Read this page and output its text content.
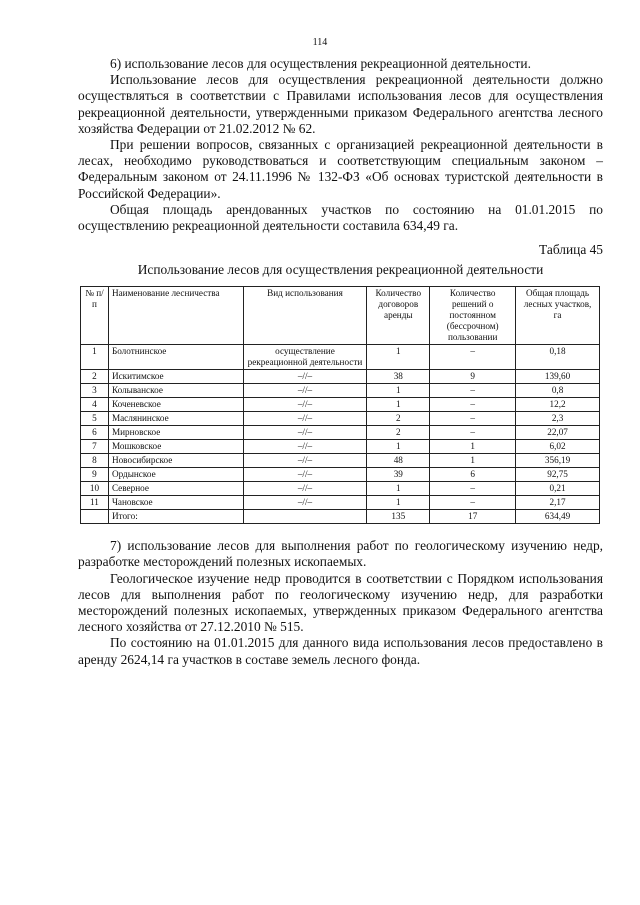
114

6) использование лесов для осуществления рекреационной деятельности.

Использование лесов для осуществления рекреационной деятельности должно осуществляться в соответствии с Правилами использования лесов для осуществления рекреационной деятельности, утвержденными приказом Федерального агентства лесного хозяйства Федерации от 21.02.2012 № 62.

При решении вопросов, связанных с организацией рекреационной деятельности в лесах, необходимо руководствоваться и соответствующим специальным законом – Федеральным законом от 24.11.1996 № 132-ФЗ «Об основах туристской деятельности в Российской Федерации».

Общая площадь арендованных участков по состоянию на 01.01.2015 по осуществлению рекреационной деятельности составила 634,49 га.

Таблица 45
Использование лесов для осуществления рекреационной деятельности
№ п/п	Наименование лесничества	Вид использования	Количество договоров аренды	Количество решений о постоянном (бессрочном) пользовании	Общая площадь лесных участков, га
1	Болотнинское	осуществление рекреационной деятельности	1	–	0,18
2	Искитимское	–//–	38	9	139,60
3	Колыванское	–//–	1	–	0,8
4	Коченевское	–//–	1	–	12,2
5	Маслянинское	–//–	2	–	2,3
6	Мирновское	–//–	2	–	22,07
7	Мошковское	–//–	1	1	6,02
8	Новосибирское	–//–	48	1	356,19
9	Ордынское	–//–	39	6	92,75
10	Северное	–//–	1	–	0,21
11	Чановское	–//–	1	–	2,17
	Итого:		135	17	634,49

7) использование лесов для выполнения работ по геологическому изучению недр, разработке месторождений полезных ископаемых.

Геологическое изучение недр проводится в соответствии с Порядком использования лесов для выполнения работ по геологическому изучению недр, для разработки месторождений полезных ископаемых, утвержденных приказом Федерального агентства лесного хозяйства от 27.12.2010 № 515.

По состоянию на 01.01.2015 для данного вида использования лесов предоставлено в аренду 2624,14 га участков в составе земель лесного фонда.
